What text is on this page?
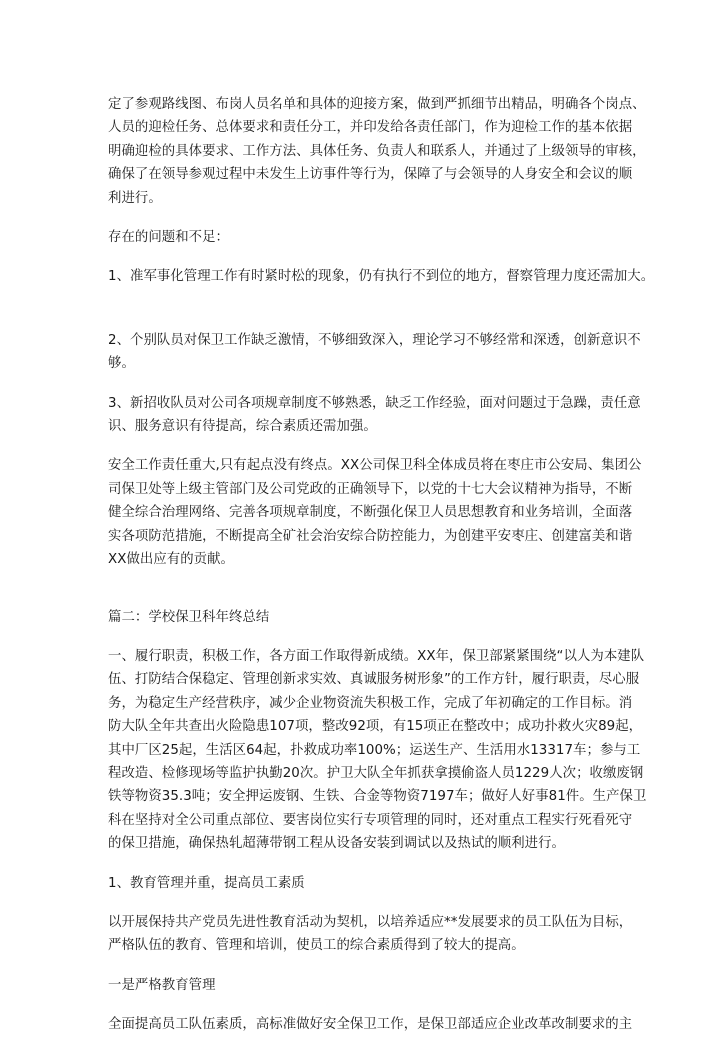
定了参观路线图、布岗人员名单和具体的迎接方案，做到严抓细节出精品，明确各个岗点、
人员的迎检任务、总体要求和责任分工，并印发给各责任部门，作为迎检工作的基本依据
明确迎检的具体要求、工作方法、具体任务、负责人和联系人，并通过了上级领导的审核，
确保了在领导参观过程中未发生上访事件等行为，保障了与会领导的人身安全和会议的顺
利进行。

存在的问题和不足：

1、准军事化管理工作有时紧时松的现象，仍有执行不到位的地方，督察管理力度还需加大。

2、个别队员对保卫工作缺乏激情，不够细致深入，理论学习不够经常和深透，创新意识不
够。

3、新招收队员对公司各项规章制度不够熟悉，缺乏工作经验，面对问题过于急躁，责任意
识、服务意识有待提高，综合素质还需加强。

安全工作责任重大,只有起点没有终点。XX公司保卫科全体成员将在枣庄市公安局、集团公
司保卫处等上级主管部门及公司党政的正确领导下，以党的十七大会议精神为指导，不断
健全综合治理网络、完善各项规章制度，不断强化保卫人员思想教育和业务培训，全面落
实各项防范措施，不断提高全矿社会治安综合防控能力，为创建平安枣庄、创建富美和谐
XX做出应有的贡献。

篇二：学校保卫科年终总结

一、履行职责，积极工作，各方面工作取得新成绩。XX年，保卫部紧紧围绕“以人为本建队
伍、打防结合保稳定、管理创新求实效、真诚服务树形象”的工作方针，履行职责，尽心服
务，为稳定生产经营秩序，减少企业物资流失积极工作，完成了年初确定的工作目标。消
防大队全年共查出火险隐患107项，整改92项，有15项正在整改中；成功扑救火灾89起，
其中厂区25起，生活区64起，扑救成功率100%；运送生产、生活用水13317车；参与工
程改造、检修现场等监护执勤20次。护卫大队全年抓获拿摸偷盗人员1229人次；收缴废钢
铁等物资35.3吨；安全押运废钢、生铁、合金等物资7197车；做好人好事81件。生产保卫
科在坚持对全公司重点部位、要害岗位实行专项管理的同时，还对重点工程实行死看死守
的保卫措施，确保热轧超薄带钢工程从设备安装到调试以及热试的顺利进行。

1、教育管理并重，提高员工素质

以开展保持共产党员先进性教育活动为契机，以培养适应**发展要求的员工队伍为目标，
严格队伍的教育、管理和培训，使员工的综合素质得到了较大的提高。

一是严格教育管理

全面提高员工队伍素质，高标准做好安全保卫工作，是保卫部适应企业改革改制要求的主
